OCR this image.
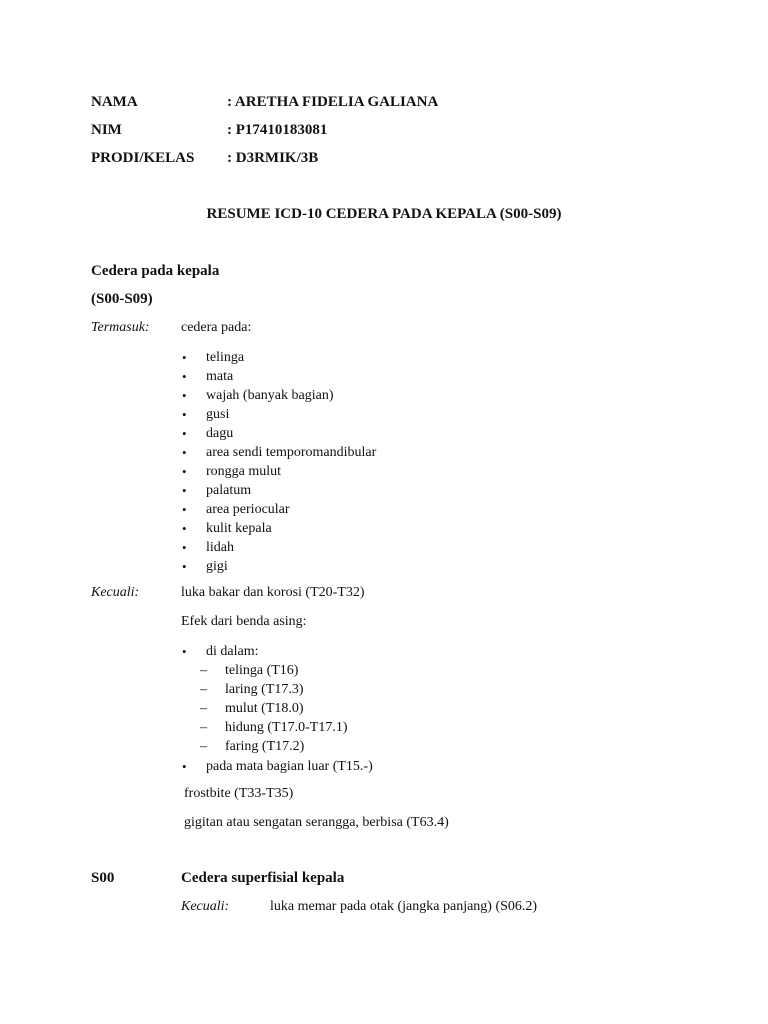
NAMA	: ARETHA FIDELIA GALIANA
NIM	: P17410183081
PRODI/KELAS : D3RMIK/3B
RESUME ICD-10 CEDERA PADA KEPALA (S00-S09)
Cedera pada kepala
(S00-S09)
Termasuk: cedera pada:
• telinga
• mata
• wajah (banyak bagian)
• gusi
• dagu
• area sendi temporomandibular
• rongga mulut
• palatum
• area periocular
• kulit kepala
• lidah
• gigi
Kecuali:	luka bakar dan korosi (T20-T32)
Efek dari benda asing:
• di dalam:
– telinga (T16)
– laring (T17.3)
– mulut (T18.0)
– hidung (T17.0-T17.1)
– faring (T17.2)
• pada mata bagian luar (T15.-)
frostbite (T33-T35)
gigitan atau sengatan serangga, berbisa (T63.4)
S00	Cedera superfisial kepala
Kecuali:	luka memar pada otak (jangka panjang) (S06.2)
